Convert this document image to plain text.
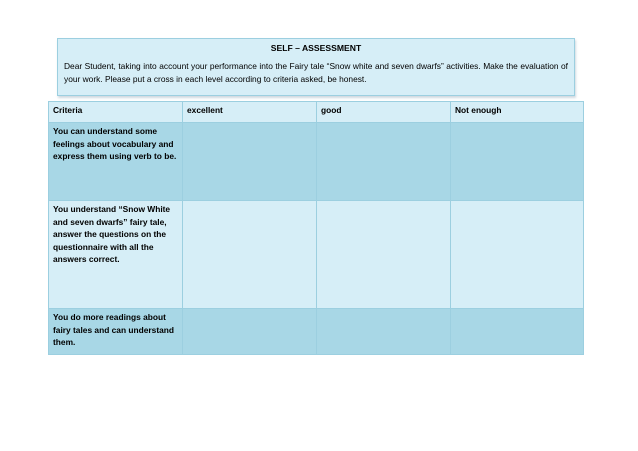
SELF – ASSESSMENT
Dear Student, taking into account your performance into the Fairy tale “Snow white and seven dwarfs” activities. Make the evaluation of your work. Please put a cross in each level according to criteria asked, be honest.
Criteria	excellent	good	Not enough
You can understand some feelings about vocabulary and express them using verb to be.			
You understand “Snow White and seven dwarfs” fairy tale, answer the questions on the questionnaire with all the answers correct.			
You do more readings about fairy tales and can understand them.			
